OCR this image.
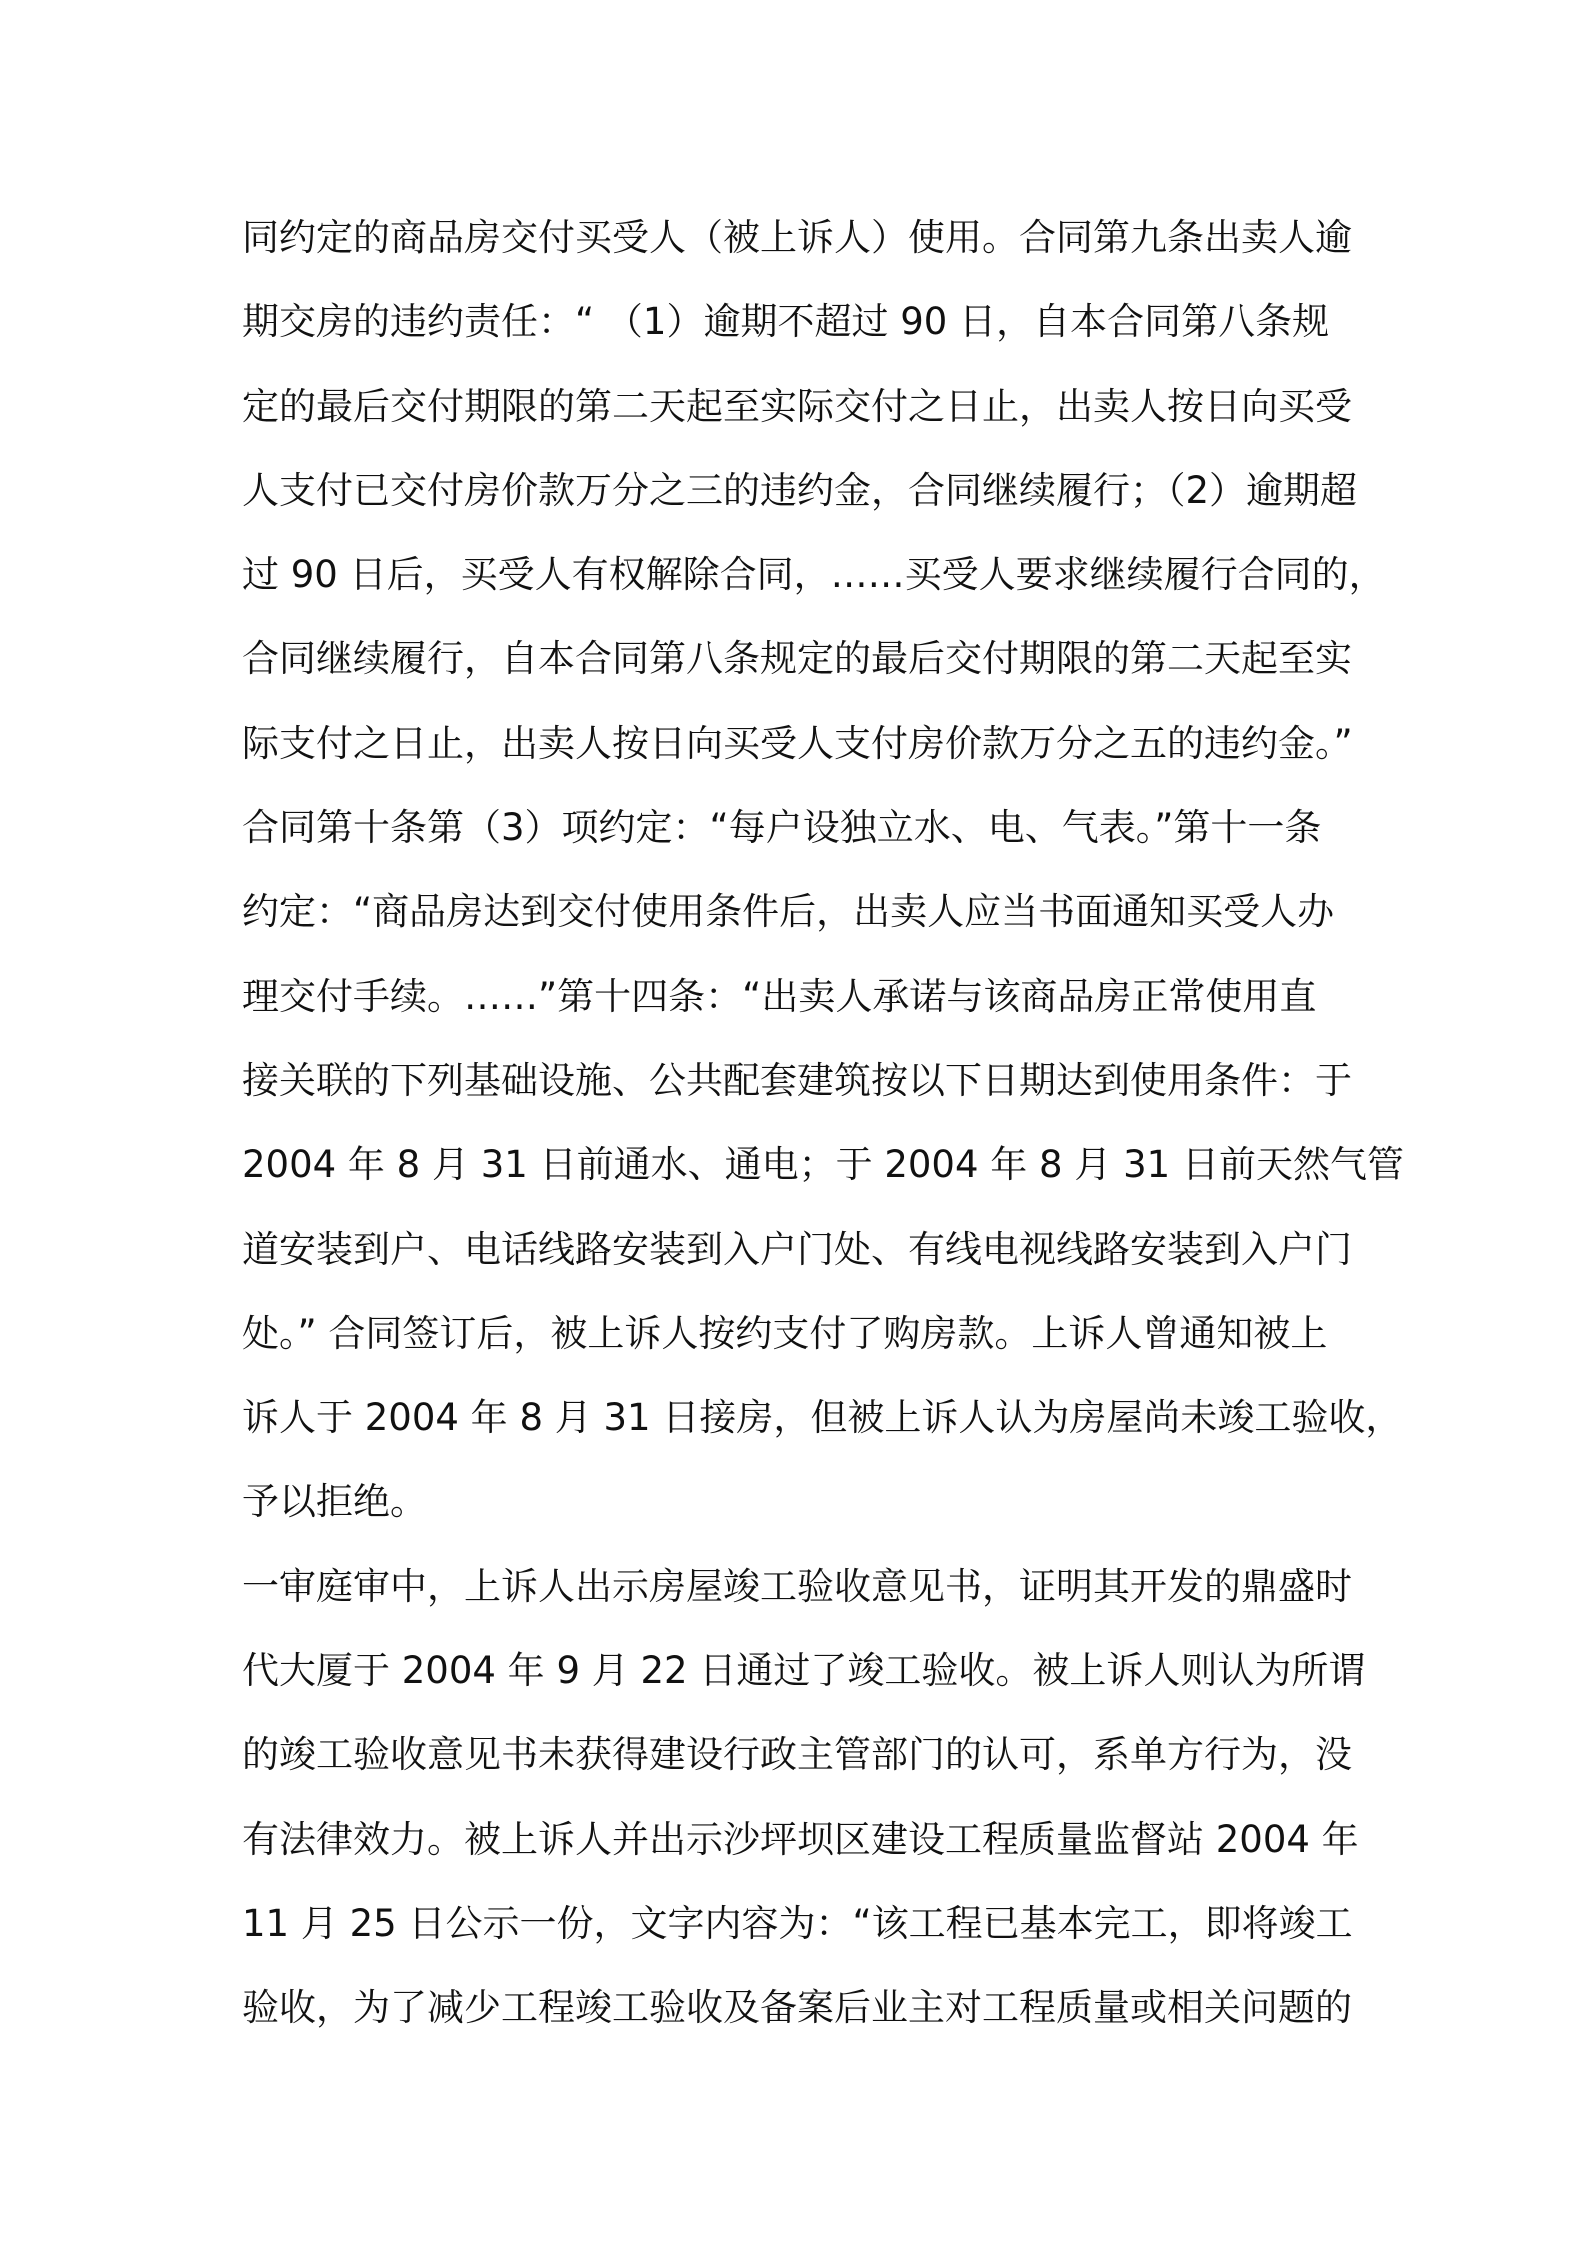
同约定的商品房交付买受人（被上诉人）使用。合同第九条出卖人逾
期交房的违约责任：“ （1）逾期不超过 90 日，自本合同第八条规
定的最后交付期限的第二天起至实际交付之日止，出卖人按日向买受
人支付已交付房价款万分之三的违约金，合同继续履行；（2）逾期超
过 90 日后，买受人有权解除合同，……买受人要求继续履行合同的，
合同继续履行，自本合同第八条规定的最后交付期限的第二天起至实
际支付之日止，出卖人按日向买受人支付房价款万分之五的违约金。”
合同第十条第（3）项约定：“每户设独立水、电、气表。”第十一条
约定：“商品房达到交付使用条件后，出卖人应当书面通知买受人办
理交付手续。……”第十四条：“出卖人承诺与该商品房正常使用直
接关联的下列基础设施、公共配套建筑按以下日期达到使用条件：于
2004 年 8 月 31 日前通水、通电；于 2004 年 8 月 31 日前天然气管
道安装到户、电话线路安装到入户门处、有线电视线路安装到入户门
处。” 合同签订后，被上诉人按约支付了购房款。上诉人曾通知被上
诉人于 2004 年 8 月 31 日接房，但被上诉人认为房屋尚未竣工验收，
予以拒绝。
一审庭审中，上诉人出示房屋竣工验收意见书，证明其开发的鼎盛时
代大厦于 2004 年 9 月 22 日通过了竣工验收。被上诉人则认为所谓
的竣工验收意见书未获得建设行政主管部门的认可，系单方行为，没
有法律效力。被上诉人并出示沙坪坝区建设工程质量监督站 2004 年
11 月 25 日公示一份，文字内容为：“该工程已基本完工，即将竣工
验收，为了减少工程竣工验收及备案后业主对工程质量或相关问题的
